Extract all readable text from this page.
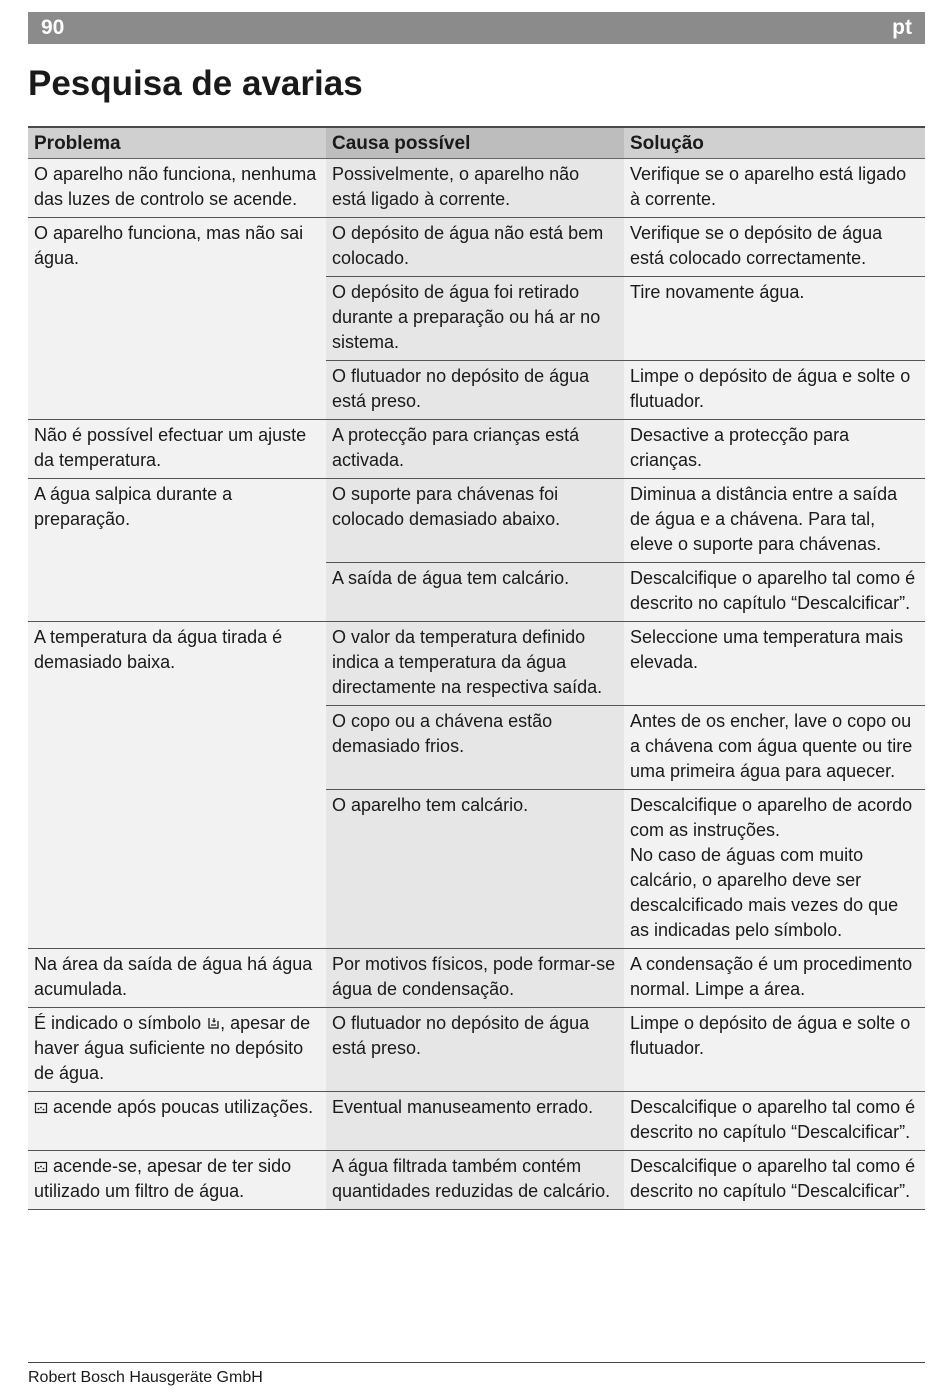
90	pt
Pesquisa de avarias
Problema	Causa possível	Solução
O aparelho não funciona, nenhuma das luzes de controlo se acende.	Possivelmente, o aparelho não está ligado à corrente.	Verifique se o aparelho está ligado à corrente.
O aparelho funciona, mas não sai água.	O depósito de água não está bem colocado.	Verifique se o depósito de água está colocado correctamente.
	O depósito de água foi retirado durante a preparação ou há ar no sistema.	Tire novamente água.
	O flutuador no depósito de água está preso.	Limpe o depósito de água e solte o flutuador.
Não é possível efectuar um ajuste da temperatura.	A protecção para crianças está activada.	Desactive a protecção para crianças.
A água salpica durante a preparação.	O suporte para chávenas foi colocado demasiado abaixo.	Diminua a distância entre a saída de água e a chávena. Para tal, eleve o suporte para chávenas.
	A saída de água tem calcário.	Descalcifique o aparelho tal como é descrito no capítulo “Descalcificar”.
A temperatura da água tirada é demasiado baixa.	O valor da temperatura definido indica a temperatura da água directamente na respectiva saída.	Seleccione uma temperatura mais elevada.
	O copo ou a chávena estão demasiado frios.	Antes de os encher, lave o copo ou a chávena com água quente ou tire uma primeira água para aquecer.
	O aparelho tem calcário.	Descalcifique o aparelho de acordo com as instruções.
No caso de águas com muito calcário, o aparelho deve ser descalcificado mais vezes do que as indicadas pelo símbolo.

Na área da saída de água há água acumulada.	Por motivos físicos, pode formar-se água de condensação.	A condensação é um procedimento normal. Limpe a área.
É indicado o símbolo , apesar de haver água suficiente no depósito de água.	O flutuador no depósito de água está preso.	Limpe o depósito de água e solte o flutuador.
acende após poucas utilizações.	Eventual manuseamento errado.	Descalcifique o aparelho tal como é descrito no capítulo “Descalcificar”.
acende-se, apesar de ter sido utilizado um filtro de água.	A água filtrada também contém quantidades reduzidas de calcário.	Descalcifique o aparelho tal como é descrito no capítulo “Descalcificar”.
Robert Bosch Hausgeräte GmbH
